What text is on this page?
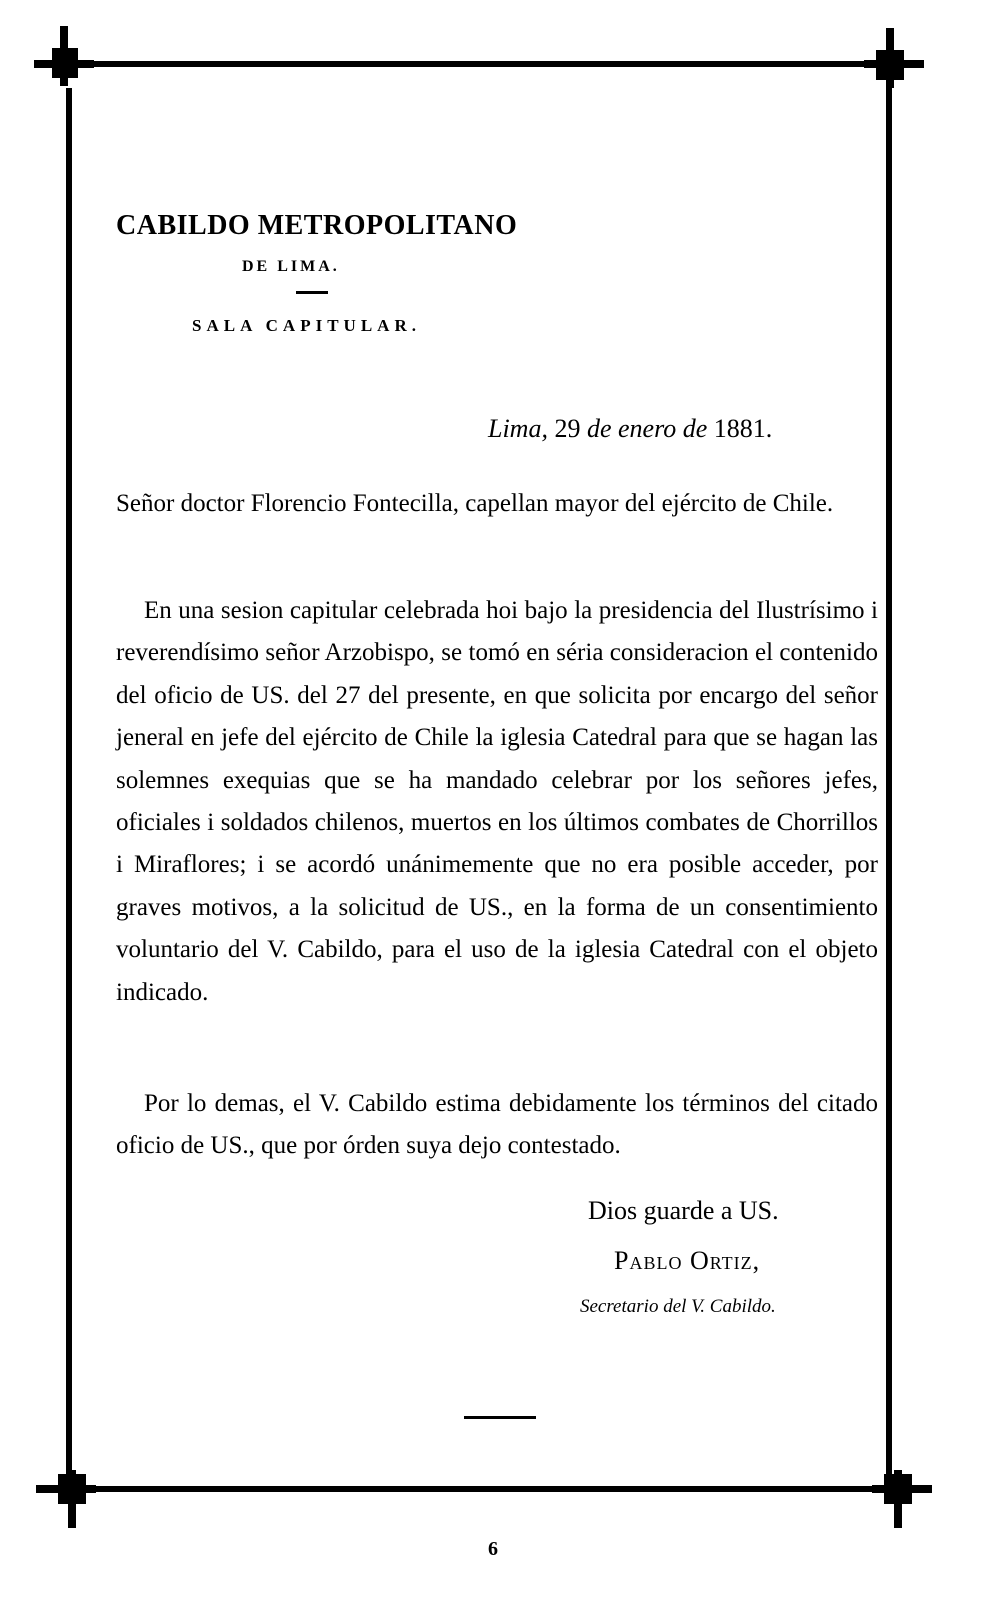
CABILDO METROPOLITANO
DE LIMA.
SALA CAPITULAR.
Lima, 29 de enero de 1881.
Señor doctor Florencio Fontecilla, capellan mayor del ejército de Chile.
En una sesion capitular celebrada hoi bajo la presidencia del Ilustrísimo i reverendísimo señor Arzobispo, se tomó en séria consideracion el contenido del oficio de US. del 27 del presente, en que solicita por encargo del señor jeneral en jefe del ejército de Chile la iglesia Catedral para que se hagan las solemnes exequias que se ha mandado celebrar por los señores jefes, oficiales i soldados chilenos, muertos en los últimos combates de Chorrillos i Miraflores; i se acordó unánimemente que no era posible acceder, por graves motivos, a la solicitud de US., en la forma de un consentimiento voluntario del V. Cabildo, para el uso de la iglesia Catedral con el objeto indicado.
Por lo demas, el V. Cabildo estima debidamente los términos del citado oficio de US., que por órden suya dejo contestado.
Dios guarde a US.
Pablo Ortiz,
Secretario del V. Cabildo.
6
